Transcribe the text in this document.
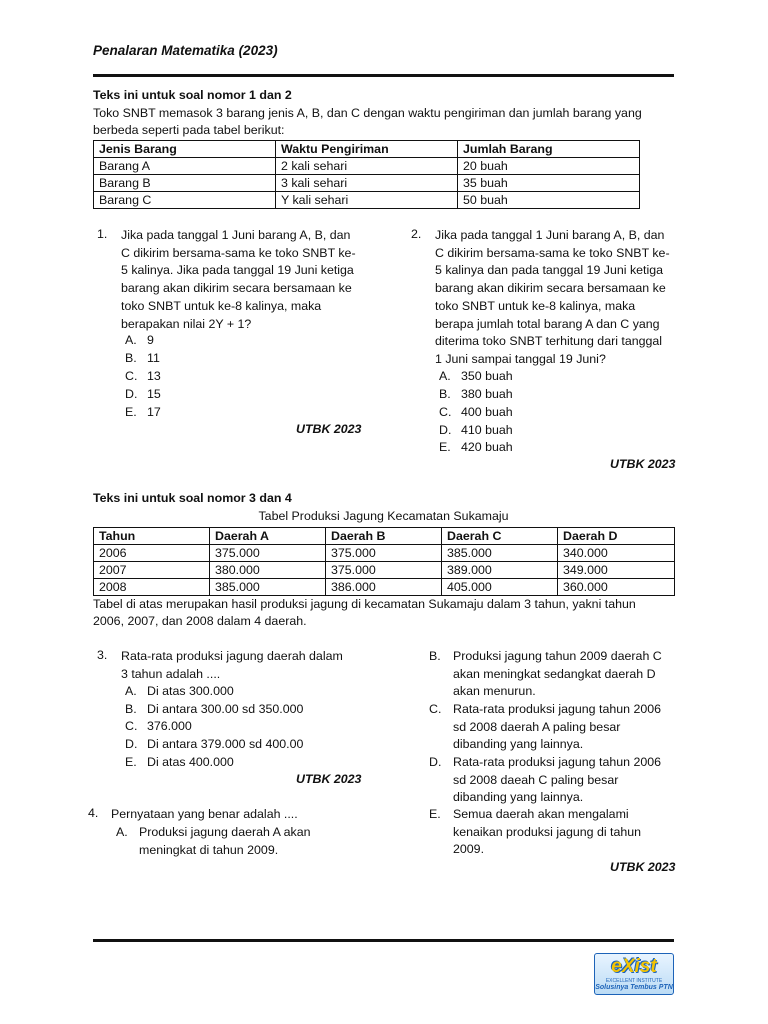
Penalaran Matematika (2023)
Teks ini untuk soal nomor 1 dan 2
Toko SNBT memasok 3 barang jenis A, B, dan C dengan waktu pengiriman dan jumlah barang yang
berbeda seperti pada tabel berikut:
Jenis Barang	Waktu Pengiriman	Jumlah Barang
Barang A	2 kali sehari	20 buah
Barang B	3 kali sehari	35 buah
Barang C	Y kali sehari	50 buah
1. Jika pada tanggal 1 Juni barang A, B, dan
C dikirim bersama-sama ke toko SNBT ke-
5 kalinya. Jika pada tanggal 19 Juni ketiga
barang akan dikirim secara bersamaan ke
toko SNBT untuk ke-8 kalinya, maka
berapakan nilai 2Y + 1?
A. 9
B. 11
C. 13
D. 15
E. 17
UTBK 2023
2. Jika pada tanggal 1 Juni barang A, B, dan
C dikirim bersama-sama ke toko SNBT ke-
5 kalinya dan pada tanggal 19 Juni ketiga
barang akan dikirim secara bersamaan ke
toko SNBT untuk ke-8 kalinya, maka
berapa jumlah total barang A dan C yang
diterima toko SNBT terhitung dari tanggal
1 Juni sampai tanggal 19 Juni?
A. 350 buah
B. 380 buah
C. 400 buah
D. 410 buah
E. 420 buah
UTBK 2023
Teks ini untuk soal nomor 3 dan 4
Tabel Produksi Jagung Kecamatan Sukamaju
Tahun	Daerah A	Daerah B	Daerah C	Daerah D
2006	375.000	375.000	385.000	340.000
2007	380.000	375.000	389.000	349.000
2008	385.000	386.000	405.000	360.000
Tabel di atas merupakan hasil produksi jagung di kecamatan Sukamaju dalam 3 tahun, yakni tahun
2006, 2007, dan 2008 dalam 4 daerah.
3. Rata-rata produksi jagung daerah dalam
3 tahun adalah ....
A. Di atas 300.000
B. Di antara 300.00 sd 350.000
C. 376.000
D. Di antara 379.000 sd 400.00
E. Di atas 400.000
UTBK 2023
4. Pernyataan yang benar adalah ....
A. Produksi jagung daerah A akan
meningkat di tahun 2009.
B. Produksi jagung tahun 2009 daerah C
akan meningkat sedangkat daerah D
akan menurun.
C. Rata-rata produksi jagung tahun 2006
sd 2008 daerah A paling besar
dibanding yang lainnya.
D. Rata-rata produksi jagung tahun 2006
sd 2008 daeah C paling besar
dibanding yang lainnya.
E. Semua daerah akan mengalami
kenaikan produksi jagung di tahun
2009.
UTBK 2023
eXist
EXCELLENT INSTITUTE
Solusinya Tembus PTN
